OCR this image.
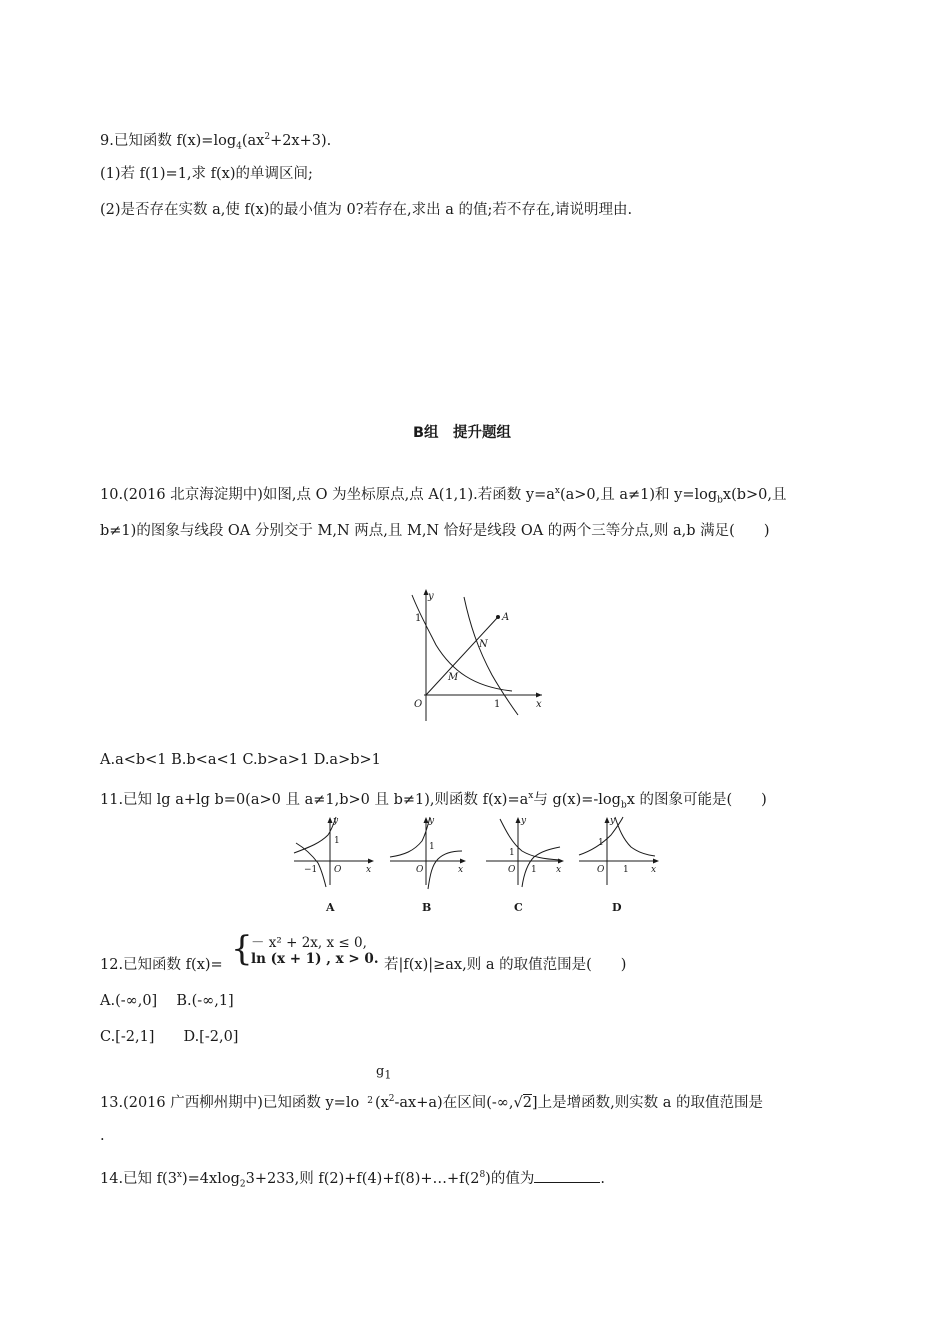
9.已知函数 $f(x)=\log_4(ax^2+2x+3)$.
(1)若 f(1)=1,求 f(x)的单调区间;
(2)是否存在实数 a,使 f(x)的最小值为 0?若存在,求出 a 的值;若不存在,请说明理由.
B组　提升题组
10.(2016 北京海淀期中)如图,点 O 为坐标原点,点 A(1,1).若函数 $y=a^x(a>0$,且 a≠1)和 $y=\log_bx(b>0$,且
b≠1)的图象与线段 OA 分别交于 M,N 两点,且 M,N 恰好是线段 OA 的两个三等分点,则 a,b 满足(　　)
y
x
O
1
1
A
M
N
A.a<b<1 B.b<a<1 C.b>a>1 D.a>b>1
11.已知 lg a+lg b=0(a>0 且 a≠1,b>0 且 b≠1),则函数 $f(x)=a^x$与 $g(x)=-\log_bx$ 的图象可能是(　　)
y
1
−1 O	x
A
y
1
O	x
B
y
1
O 1 x
C
y
1
O 1 x
D
12.已知函数 f(x)= {
－ x² + 2x, x ≤ 0,
ln (x + 1) , x > 0. 若|f(x)|≥ax,则 a 的取值范围是(　　)
A.(-∞,0]　 B.(-∞,1]
C.[-2,1]　　D.[-2,0]
$g_1$
13.(2016 广西柳州期中)已知函数 y=lo $^2$ $(x^2-ax+a)$在区间(-∞,√2]上是增函数,则实数 a 的取值范围是
.
14.已知 $f(3^x)=4xlog_23+233$,则 $f(2)+f(4)+f(8)+\dots+f(2^8)$的值为	.
